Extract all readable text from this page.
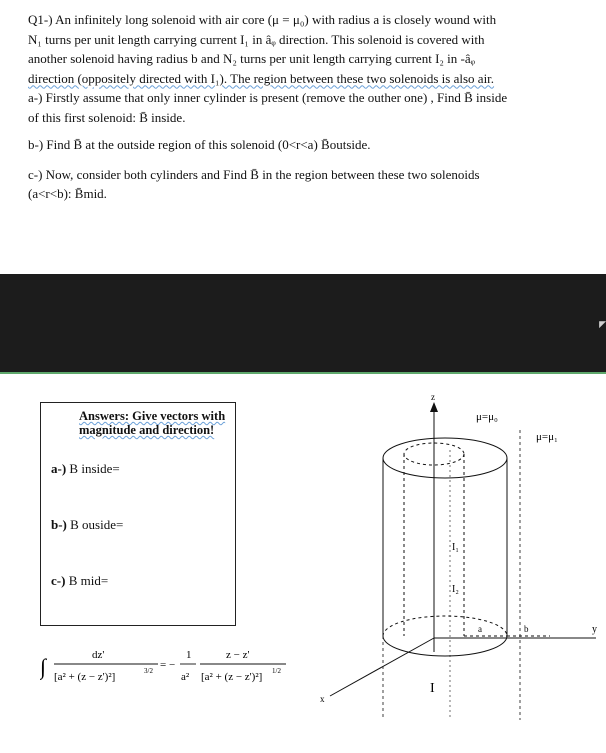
Q1-) An infinitely long solenoid with air core (μ = μ₀) with radius a is closely wound with

N₁ turns per unit length carrying current I₁ in âᵩ direction. This solenoid is covered with

another solenoid having radius b and N₂ turns per unit length carrying current I₂ in -âᵩ

direction (oppositely directed with I₁). The region between these two solenoids is also air.

a-) Firstly assume that only inner cylinder is present (remove the outher one) , Find B̄ inside

of this first solenoid: B̄ inside.

b-) Find B̄ at the outside region of this solenoid (0<r<a) B̄outside.

c-) Now, consider both cylinders and Find B̄ in the region between these two solenoids

(a<r<b): B̄mid.

◤
Answers: Give vectors with
magnitude and direction!
a-) B inside=
b-) B ouside=
c-) B mid=
∫	dz'
[a² + (z − z')²]	3/2 = −
1
a²
z − z'
[a² + (z − z')²] 1/2
z
y
x
μ=μ₀
μ=μ₁
I₁
I₂
a	b
I
